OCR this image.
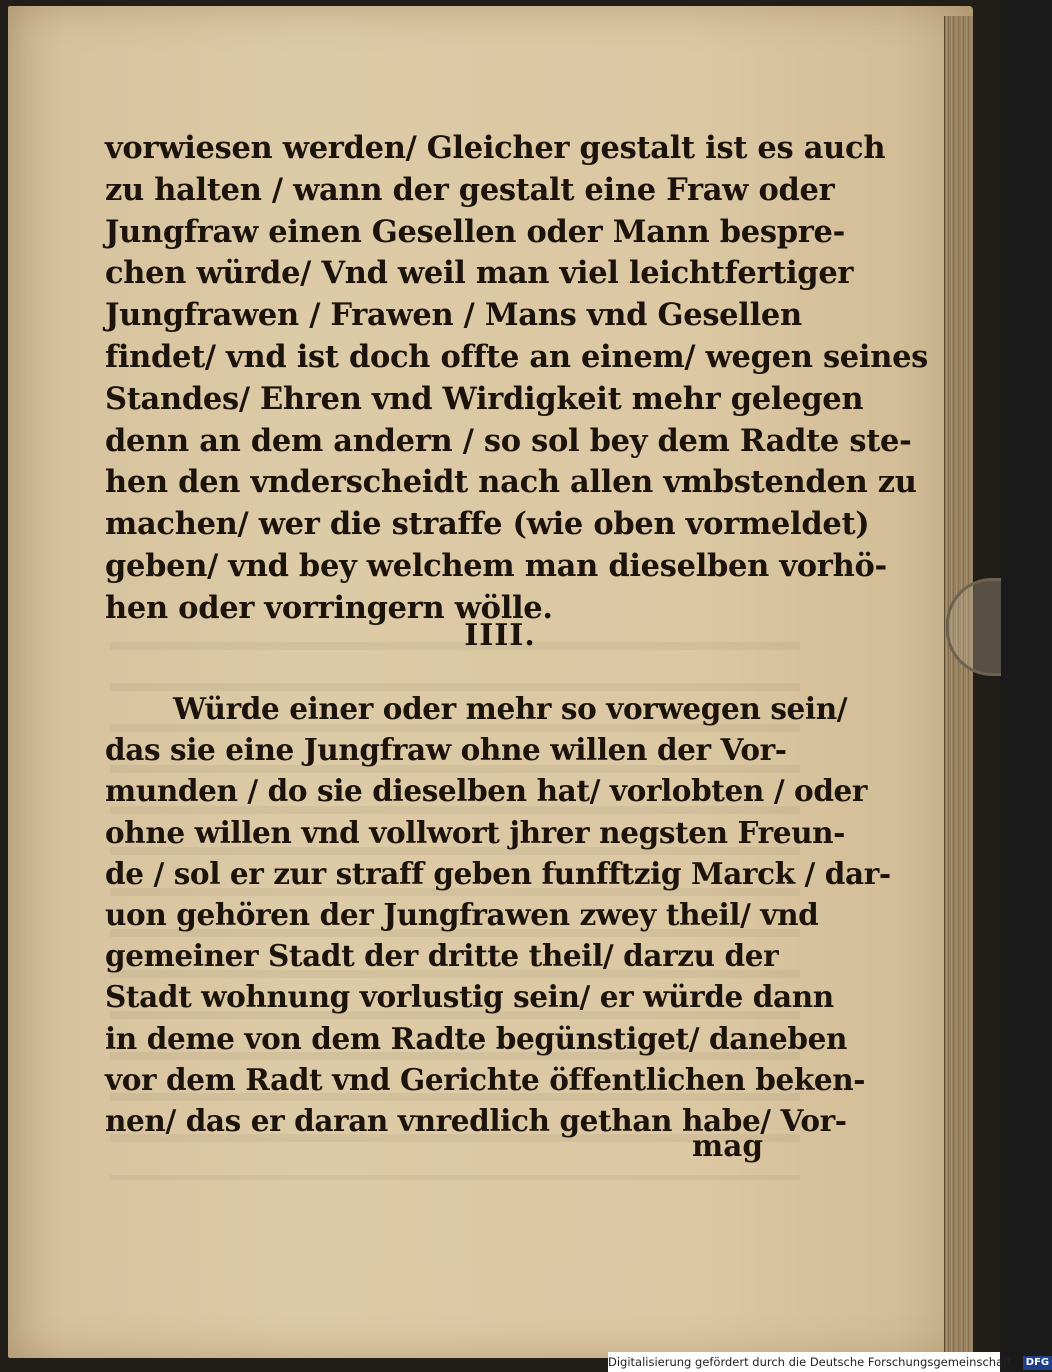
vorwiesen werden/ Gleicher gestalt ist es auch
zu halten / wann der gestalt eine Fraw oder
Jungfraw einen Gesellen oder Mann bespre-
chen würde/ Vnd weil man viel leichtfertiger
Jungfrawen / Frawen / Mans vnd Gesellen
findet/ vnd ist doch offte an einem/ wegen seines
Standes/ Ehren vnd Wirdigkeit mehr gelegen
denn an dem andern / so sol bey dem Radte ste-
hen den vnderscheidt nach allen vmbstenden zu
machen/ wer die straffe (wie oben vormeldet)
geben/ vnd bey welchem man dieselben vorhö-
hen oder vorringern wölle.
IIII.
Würde einer oder mehr so vorwegen sein/
das sie eine Jungfraw ohne willen der Vor-
munden / do sie dieselben hat/ vorlobten / oder
ohne willen vnd vollwort jhrer negsten Freun-
de / sol er zur straff geben funfftzig Marck / dar-
uon gehören der Jungfrawen zwey theil/ vnd
gemeiner Stadt der dritte theil/ darzu der
Stadt wohnung vorlustig sein/ er würde dann
in deme von dem Radte begünstiget/ daneben
vor dem Radt vnd Gerichte öffentlichen beken-
nen/ das er daran vnredlich gethan habe/ Vor-
mag
Digitalisierung gefördert durch die Deutsche Forschungsgemeinschaft · DFG
